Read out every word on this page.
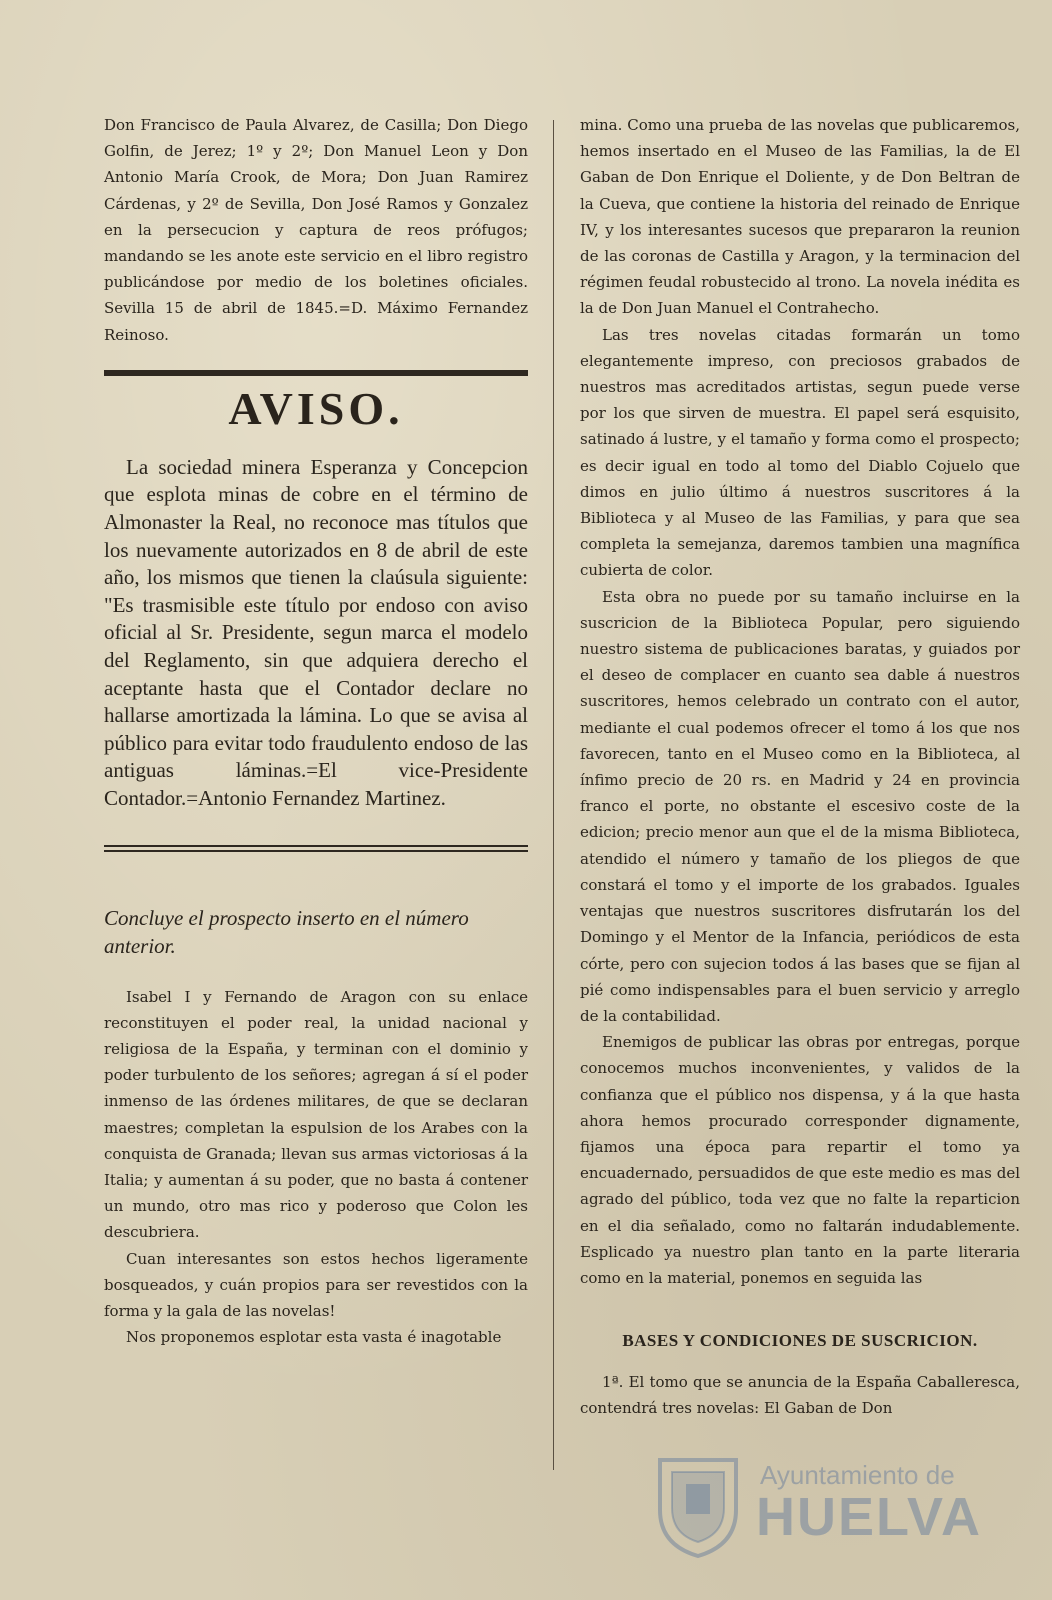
Don Francisco de Paula Alvarez, de Casilla; Don Diego Golfin, de Jerez; 1º y 2º; Don Manuel Leon y Don Antonio María Crook, de Mora; Don Juan Ramirez Cárdenas, y 2º de Sevilla, Don José Ramos y Gonzalez en la persecucion y captura de reos prófugos; mandando se les anote este servicio en el libro registro publicándose por medio de los boletines oficiales. Sevilla 15 de abril de 1845.=D. Máximo Fernandez Reinoso.

AVISO.

La sociedad minera Esperanza y Concepcion que esplota minas de cobre en el término de Almonaster la Real, no reconoce mas títulos que los nuevamente autorizados en 8 de abril de este año, los mismos que tienen la claúsula siguiente: "Es trasmisible este título por endoso con aviso oficial al Sr. Presidente, segun marca el modelo del Reglamento, sin que adquiera derecho el aceptante hasta que el Contador declare no hallarse amortizada la lámina. Lo que se avisa al público para evitar todo fraudulento endoso de las antiguas láminas.=El vice-Presidente Contador.=Antonio Fernandez Martinez.

Concluye el prospecto inserto en el número anterior.

Isabel I y Fernando de Aragon con su enlace reconstituyen el poder real, la unidad nacional y religiosa de la España, y terminan con el dominio y poder turbulento de los señores; agregan á sí el poder inmenso de las órdenes militares, de que se declaran maestres; completan la espulsion de los Arabes con la conquista de Granada; llevan sus armas victoriosas á la Italia; y aumentan á su poder, que no basta á contener un mundo, otro mas rico y poderoso que Colon les descubriera.

Cuan interesantes son estos hechos ligeramente bosqueados, y cuán propios para ser revestidos con la forma y la gala de las novelas!

Nos proponemos esplotar esta vasta é inagotable

mina. Como una prueba de las novelas que publicaremos, hemos insertado en el Museo de las Familias, la de El Gaban de Don Enrique el Doliente, y de Don Beltran de la Cueva, que contiene la historia del reinado de Enrique IV, y los interesantes sucesos que prepararon la reunion de las coronas de Castilla y Aragon, y la terminacion del régimen feudal robustecido al trono. La novela inédita es la de Don Juan Manuel el Contrahecho.

Las tres novelas citadas formarán un tomo elegantemente impreso, con preciosos grabados de nuestros mas acreditados artistas, segun puede verse por los que sirven de muestra. El papel será esquisito, satinado á lustre, y el tamaño y forma como el prospecto; es decir igual en todo al tomo del Diablo Cojuelo que dimos en julio último á nuestros suscritores á la Biblioteca y al Museo de las Familias, y para que sea completa la semejanza, daremos tambien una magnífica cubierta de color.

Esta obra no puede por su tamaño incluirse en la suscricion de la Biblioteca Popular, pero siguiendo nuestro sistema de publicaciones baratas, y guiados por el deseo de complacer en cuanto sea dable á nuestros suscritores, hemos celebrado un contrato con el autor, mediante el cual podemos ofrecer el tomo á los que nos favorecen, tanto en el Museo como en la Biblioteca, al ínfimo precio de 20 rs. en Madrid y 24 en provincia franco el porte, no obstante el escesivo coste de la edicion; precio menor aun que el de la misma Biblioteca, atendido el número y tamaño de los pliegos de que constará el tomo y el importe de los grabados. Iguales ventajas que nuestros suscritores disfrutarán los del Domingo y el Mentor de la Infancia, periódicos de esta córte, pero con sujecion todos á las bases que se fijan al pié como indispensables para el buen servicio y arreglo de la contabilidad.

Enemigos de publicar las obras por entregas, porque conocemos muchos inconvenientes, y validos de la confianza que el público nos dispensa, y á la que hasta ahora hemos procurado corresponder dignamente, fijamos una época para repartir el tomo ya encuadernado, persuadidos de que este medio es mas del agrado del público, toda vez que no falte la reparticion en el dia señalado, como no faltarán indudablemente. Esplicado ya nuestro plan tanto en la parte literaria como en la material, ponemos en seguida las

BASES Y CONDICIONES DE SUSCRICION.

1ª. El tomo que se anuncia de la España Caballeresca, contendrá tres novelas: El Gaban de Don

Ayuntamiento de
HUELVA
